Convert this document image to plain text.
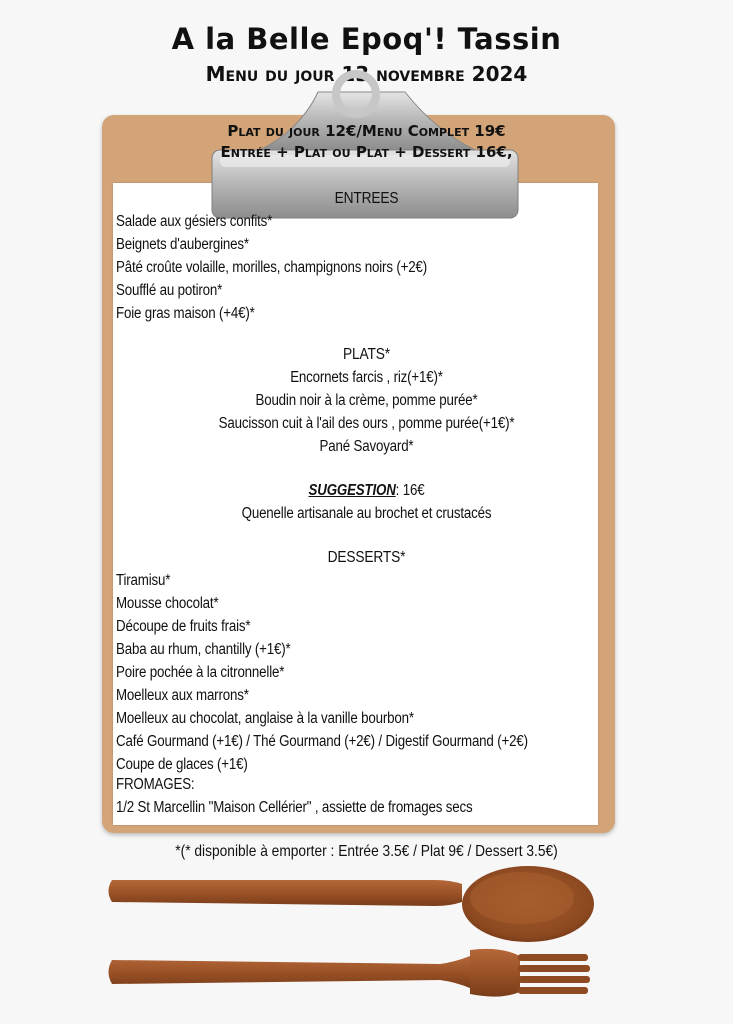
A la Belle Epoq'! Tassin
Menu du jour 13 novembre 2024
Plat du jour 12€/Menu Complet 19€
Entrée + Plat ou Plat + Dessert 16€,
ENTREES
Salade aux gésiers confits*
Beignets d'aubergines*
Pâté croûte volaille, morilles, champignons noirs (+2€)
Soufflé au potiron*
Foie gras maison (+4€)*
PLATS*
Encornets farcis , riz(+1€)*
Boudin noir à la crème, pomme purée*
Saucisson cuit à l'ail des ours , pomme purée(+1€)*
Pané Savoyard*
SUGGESTION: 16€
Quenelle artisanale au brochet et crustacés
DESSERTS*
Tiramisu*
Mousse chocolat*
Découpe de fruits frais*
Baba au rhum, chantilly (+1€)*
Poire pochée à la citronnelle*
Moelleux aux marrons*
Moelleux au chocolat, anglaise à la vanille bourbon*
Café Gourmand (+1€) / Thé Gourmand (+2€) / Digestif Gourmand (+2€)
Coupe de glaces (+1€)
FROMAGES:
1/2 St Marcellin "Maison Cellérier" , assiette de fromages secs
*(* disponible à emporter : Entrée 3.5€ / Plat 9€ / Dessert 3.5€)
